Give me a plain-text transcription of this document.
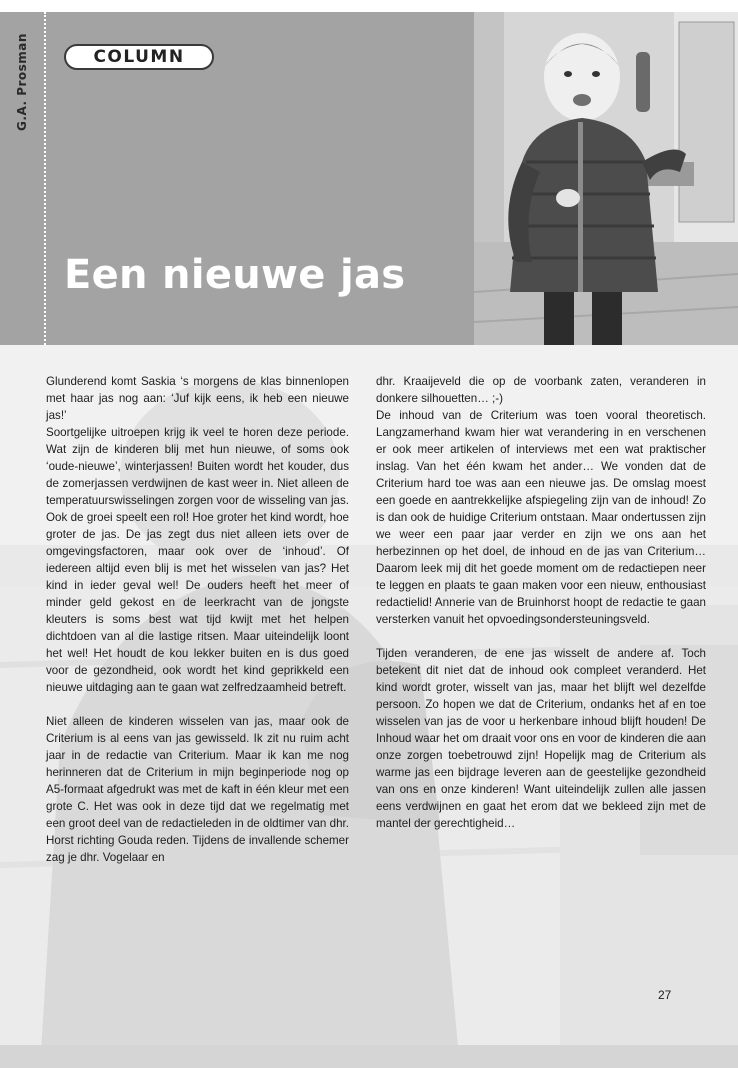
G.A. Prosman	COLUMN
Een nieuwe jas

Glunderend komt Saskia ‘s morgens de klas binnenlopen met haar jas nog aan: ‘Juf kijk eens, ik heb een nieuwe jas!’

Soortgelijke uitroepen krijg ik veel te horen deze periode. Wat zijn de kinderen blij met hun nieuwe, of soms ook ‘oude-nieuwe’, winterjassen! Buiten wordt het kouder, dus de zomerjassen verdwijnen de kast weer in. Niet alleen de temperatuurswisselingen zorgen voor de wisseling van jas. Ook de groei speelt een rol! Hoe groter het kind wordt, hoe groter de jas. De jas zegt dus niet alleen iets over de omgevingsfactoren, maar ook over de ‘inhoud’. Of iedereen altijd even blij is met het wisselen van jas? Het kind in ieder geval wel! De ouders heeft het meer of minder geld gekost en de leerkracht van de jongste kleuters is soms best wat tijd kwijt met het helpen dichtdoen van al die lastige ritsen. Maar uiteindelijk loont het wel! Het houdt de kou lekker buiten en is dus goed voor de gezondheid, ook wordt het kind geprikkeld een nieuwe uitdaging aan te gaan wat zelfredzaamheid betreft.

Niet alleen de kinderen wisselen van jas, maar ook de Criterium is al eens van jas gewisseld. Ik zit nu ruim acht jaar in de redactie van Criterium. Maar ik kan me nog herinneren dat de Criterium in mijn beginperiode nog op A5-formaat afgedrukt was met de kaft in één kleur met een grote C. Het was ook in deze tijd dat we regelmatig met een groot deel van de redactieleden in de oldtimer van dhr. Horst richting Gouda reden. Tijdens de invallende schemer zag je dhr. Vogelaar en

dhr. Kraaijeveld die op de voorbank zaten, veranderen in donkere silhouetten… ;-)

De inhoud van de Criterium was toen vooral theoretisch. Langzamerhand kwam hier wat verandering in en verschenen er ook meer artikelen of interviews met een wat praktischer inslag. Van het één kwam het ander… We vonden dat de Criterium hard toe was aan een nieuwe jas. De omslag moest een goede en aantrekkelijke afspiegeling zijn van de inhoud! Zo is dan ook de huidige Criterium ontstaan. Maar ondertussen zijn we weer een paar jaar verder en zijn we ons aan het herbezinnen op het doel, de inhoud en de jas van Criterium… Daarom leek mij dit het goede moment om de redactiepen neer te leggen en plaats te gaan maken voor een nieuw, enthousiast redactielid! Annerie van de Bruinhorst hoopt de redactie te gaan versterken vanuit het opvoedingsondersteuningsveld.

Tijden veranderen, de ene jas wisselt de andere af. Toch betekent dit niet dat de inhoud ook compleet veranderd. Het kind wordt groter, wisselt van jas, maar het blijft wel dezelfde persoon. Zo hopen we dat de Criterium, ondanks het af en toe wisselen van jas de voor u herkenbare inhoud blijft houden! De Inhoud waar het om draait voor ons en voor de kinderen die aan onze zorgen toebetrouwd zijn! Hopelijk mag de Criterium als warme jas een bijdrage leveren aan de geestelijke gezondheid van ons en onze kinderen! Want uiteindelijk zullen alle jassen eens verdwijnen en gaat het erom dat we bekleed zijn met de mantel der gerechtigheid…

27
